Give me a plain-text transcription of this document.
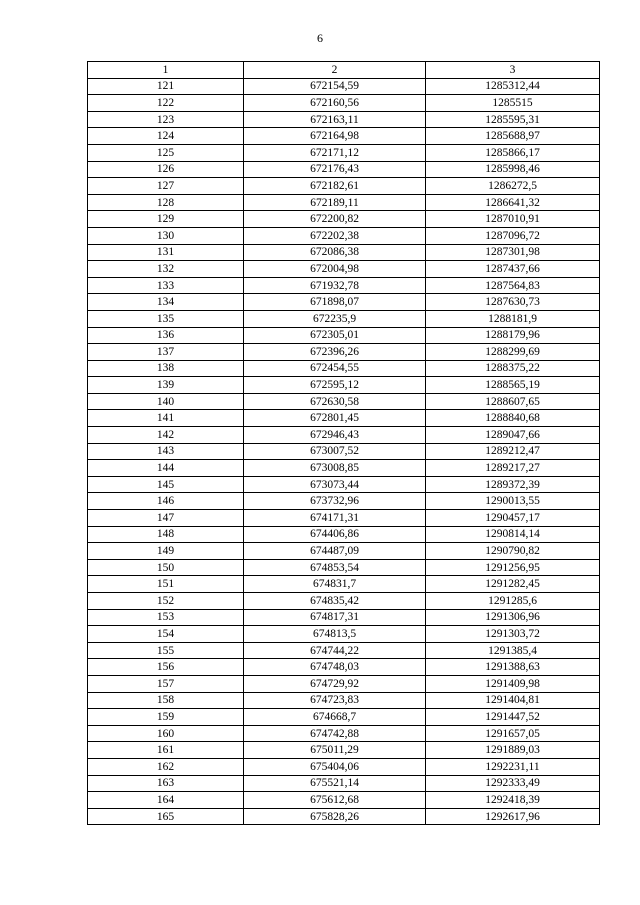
6
1	2	3
121	672154,59	1285312,44
122	672160,56	1285515
123	672163,11	1285595,31
124	672164,98	1285688,97
125	672171,12	1285866,17
126	672176,43	1285998,46
127	672182,61	1286272,5
128	672189,11	1286641,32
129	672200,82	1287010,91
130	672202,38	1287096,72
131	672086,38	1287301,98
132	672004,98	1287437,66
133	671932,78	1287564,83
134	671898,07	1287630,73
135	672235,9	1288181,9
136	672305,01	1288179,96
137	672396,26	1288299,69
138	672454,55	1288375,22
139	672595,12	1288565,19
140	672630,58	1288607,65
141	672801,45	1288840,68
142	672946,43	1289047,66
143	673007,52	1289212,47
144	673008,85	1289217,27
145	673073,44	1289372,39
146	673732,96	1290013,55
147	674171,31	1290457,17
148	674406,86	1290814,14
149	674487,09	1290790,82
150	674853,54	1291256,95
151	674831,7	1291282,45
152	674835,42	1291285,6
153	674817,31	1291306,96
154	674813,5	1291303,72
155	674744,22	1291385,4
156	674748,03	1291388,63
157	674729,92	1291409,98
158	674723,83	1291404,81
159	674668,7	1291447,52
160	674742,88	1291657,05
161	675011,29	1291889,03
162	675404,06	1292231,11
163	675521,14	1292333,49
164	675612,68	1292418,39
165	675828,26	1292617,96
